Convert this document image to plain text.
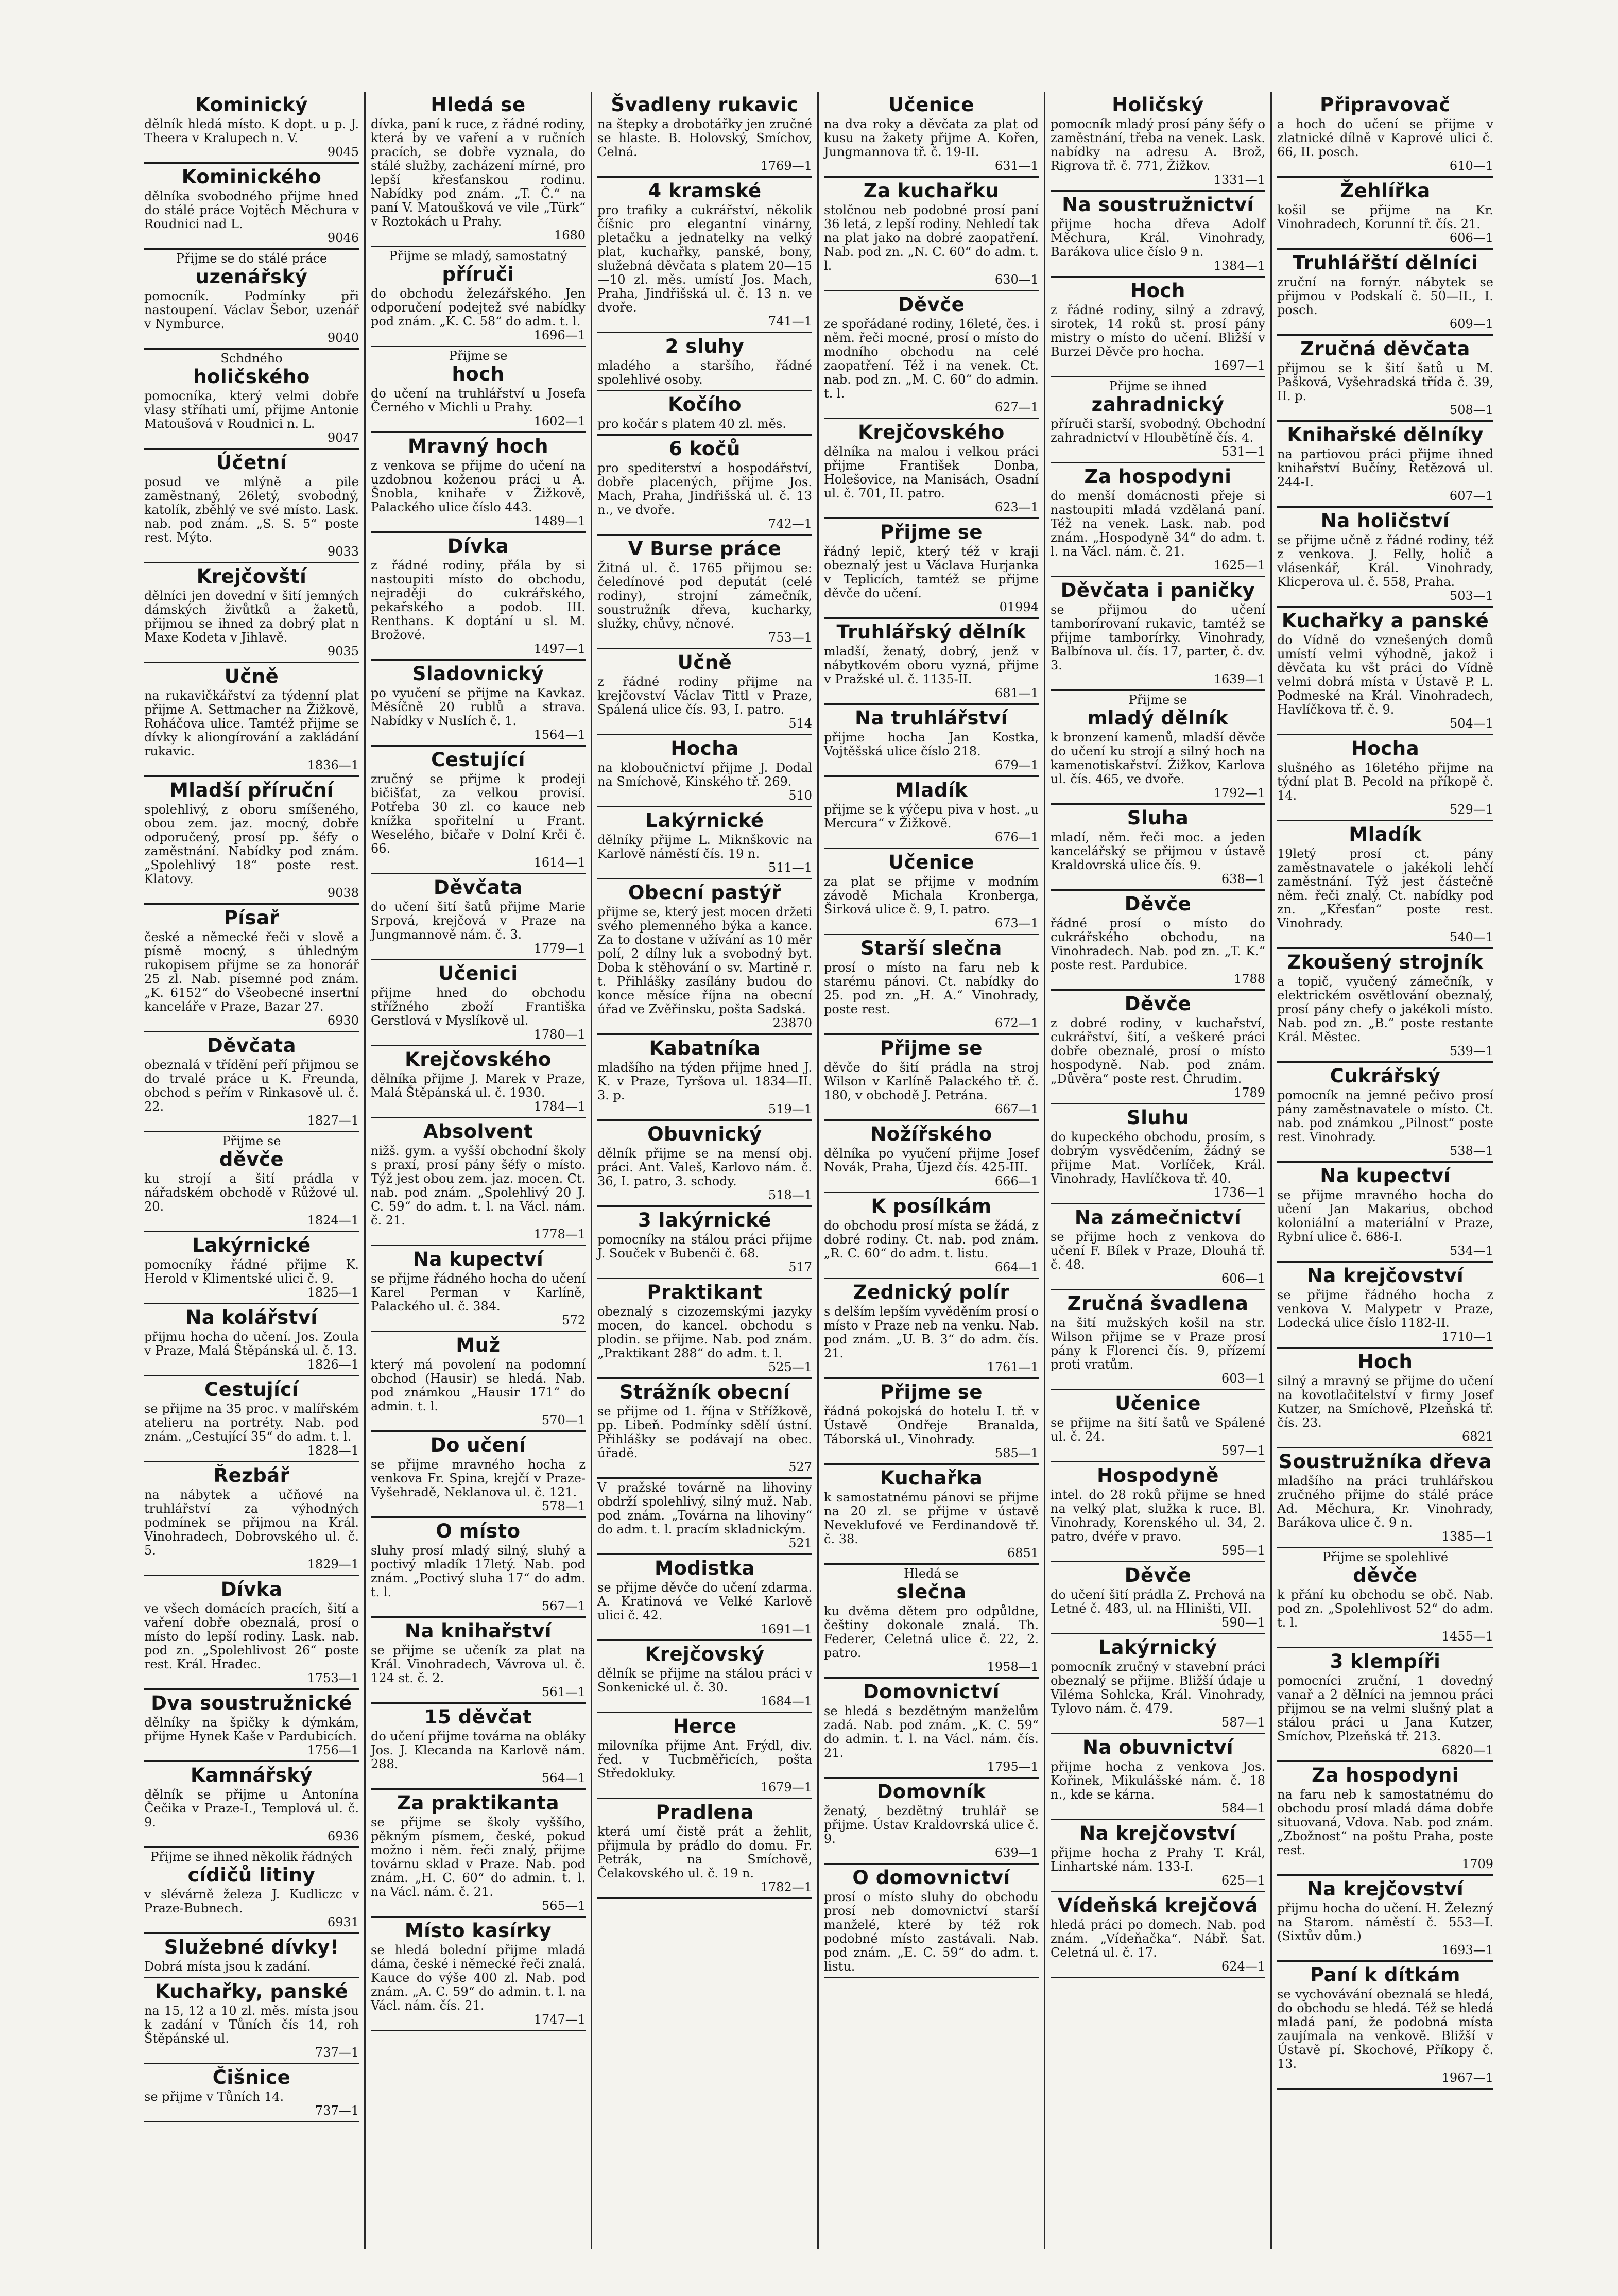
Kominický
dělník hledá místo. K dopt. u p. J. Theera v Kralupech n. V.
9045
Kominického
dělníka svobodného přijme hned do stálé práce Vojtěch Měchura v Roudnici nad L.
9046
Přijme se do stálé práce
uzenářský
pomocník. Podmínky při nastoupení. Václav Šebor, uzenář v Nymburce.
9040
Schdného
holičského
pomocníka, který velmi dobře vlasy stříhati umí, přijme Antonie Matoušová v Roudnici n. L.
9047
Účetní
posud ve mlýně a pile zaměstnaný, 26letý, svobodný, katolík, zběhlý ve své místo. Lask. nab. pod znám. „S. S. 5“ poste rest. Mýto.
9033
Krejčovští
dělníci jen dovední v šití jemných dámských živůtků a žaketů, přijmou se ihned za dobrý plat n Maxe Kodeta v Jihlavě.
9035
Učně
na rukavičkářství za týdenní plat přijme A. Settmacher na Žižkově, Roháčova ulice. Tamtéž přijme se dívky k aliongírování a zakládání rukavic.
1836—1
Mladší příruční
spolehlivý, z oboru smíšeného, obou zem. jaz. mocný, dobře odporučený, prosí pp. šéfy o zaměstnání. Nabídky pod znám. „Spolehlivý 18“ poste rest. Klatovy.
9038
Písař
české a německé řeči v slově a písmě mocný, s úhledným rukopisem přijme se za honorář 25 zl. Nab. písemné pod znám. „K. 6152“ do Všeobecné insertní kanceláře v Praze, Bazar 27.
6930
Děvčata
obeznalá v třídění peří přijmou se do trvalé práce u K. Freunda, obchod s peřím v Rinkasově ul. č. 22.
1827—1
Přijme se
děvče
ku strojí a šití prádla v nářadském obchodě v Růžové ul. 20.
1824—1
Lakýrnické
pomocníky řádné přijme K. Herold v Klimentské ulici č. 9.
1825—1
Na kolářství
přijmu hocha do učení. Jos. Zoula v Praze, Malá Štěpánská ul. č. 13.
1826—1
Cestující
se přijme na 35 proc. v malířském atelieru na portréty. Nab. pod znám. „Cestující 35“ do adm. t. l.
1828—1
Řezbář
na nábytek a učňové na truhlářství za výhodných podmínek se přijmou na Král. Vinohradech, Dobrovského ul. č. 5.
1829—1
Dívka
ve všech domácích pracích, šití a vaření dobře obeznalá, prosí o místo do lepší rodiny. Lask. nab. pod zn. „Spolehlivost 26“ poste rest. Král. Hradec.
1753—1
Dva soustružnické
dělníky na špičky k dýmkám, přijme Hynek Kaše v Pardubicích.
1756—1
Kamnářský
dělník se přijme u Antonína Čečika v Praze-I., Templová ul. č. 9.
6936
Přijme se ihned několik řádných
cídičů litiny
v slévárně železa J. Kudliczc v Praze-Bubnech.
6931
Služebné dívky!
Dobrá místa jsou k zadání.
Kuchařky, panské
na 15, 12 a 10 zl. měs. místa jsou k zadání v Tůních čís 14, roh Štěpánské ul.
737—1
Čišnice
se přijme v Tůních 14.
737—1
Hledá se
dívka, paní k ruce, z řádné rodiny, která by ve vaření a v ručních pracích, se dobře vyznala, do stálé služby, zacházení mírné, pro lepší křesťanskou rodinu. Nabídky pod znám. „T. Č.“ na paní V. Matoušková ve vile „Türk“ v Roztokách u Prahy.
1680
Přijme se mladý, samostatný
příruči
do obchodu železářského. Jen odporučení podejtež své nabídky pod znám. „K. C. 58“ do adm. t. l.
1696—1
Přijme se
hoch
do učení na truhlářství u Josefa Černého v Michli u Prahy.
1602—1
Mravný hoch
z venkova se přijme do učení na uzdobnou koženou práci u A. Šnobla, knihaře v Žižkově, Palackého ulice číslo 443.
1489—1
Dívka
z řádné rodiny, přála by si nastoupiti místo do obchodu, nejraději do cukrářského, pekařského a podob. III. Renthans. K doptání u sl. M. Brožové.
1497—1
Sladovnický
po vyučení se přijme na Kavkaz. Měsíčně 20 rublů a strava. Nabídky v Nuslích č. 1.
1564—1
Cestující
zručný se přijme k prodeji bičišťat, za velkou provisí. Potřeba 30 zl. co kauce neb knížka spořitelní u Frant. Weselého, bičaře v Dolní Krči č. 66.
1614—1
Děvčata
do učení šití šatů přijme Marie Srpová, krejčová v Praze na Jungmannově nám. č. 3.
1779—1
Učenici
přijme hned do obchodu střížného zboží Františka Gerstlová v Myslíkově ul.
1780—1
Krejčovského
dělníka přijme J. Marek v Praze, Malá Štěpánská ul. č. 1930.
1784—1
Absolvent
nižš. gym. a vyšší obchodní školy s praxí, prosí pány šéfy o místo. Týž jest obou zem. jaz. mocen. Ct. nab. pod znám. „Spolehlivý 20 J. C. 59“ do adm. t. l. na Václ. nám. č. 21.
1778—1
Na kupectví
se přijme řádného hocha do učení Karel Perman v Karlíně, Palackého ul. č. 384.
572
Muž
který má povolení na podomní obchod (Hausir) se hledá. Nab. pod známkou „Hausir 171“ do admin. t. l.
570—1
Do učení
se přijme mravného hocha z venkova Fr. Spina, krejčí v Praze-Vyšehradě, Neklanova ul. č. 121.
578—1
O místo
sluhy prosí mladý silný, sluhý a poctivý mladík 17letý. Nab. pod znám. „Poctivý sluha 17“ do adm. t. l.
567—1
Na knihařství
se přijme se učeník za plat na Král. Vinohradech, Vávrova ul. č. 124 st. č. 2.
561—1
15 děvčat
do učení přijme továrna na obláky Jos. J. Klecanda na Karlově nám. 288.
564—1
Za praktikanta
se přijme se školy vyššího, pěkným písmem, české, pokud možno i něm. řeči znalý, přijme továrnu sklad v Praze. Nab. pod znám. „H. C. 60“ do admin. t. l. na Václ. nám. č. 21.
565—1
Místo kasírky
se hledá bolední přijme mladá dáma, české i německé řeči znalá. Kauce do výše 400 zl. Nab. pod znám. „A. C. 59“ do admin. t. l. na Václ. nám. čís. 21.
1747—1
Švadleny rukavic
na štepky a drobotářky jen zručné se hlaste. B. Holovský, Smíchov, Celná.
1769—1
4 kramské
pro trafiky a cukrářství, několik číšnic pro elegantní vinárny, pletačku a jednatelky na velký plat, kuchařky, panské, bony, služebná děvčata s platem 20—15—10 zl. měs. umístí Jos. Mach, Praha, Jindřišská ul. č. 13 n. ve dvoře.
741—1
2 sluhy
mladého a staršího, řádné spolehlivé osoby.
Kočího
pro kočár s platem 40 zl. měs.
6 kočů
pro spediterství a hospodářství, dobře placených, přijme Jos. Mach, Praha, Jindřišská ul. č. 13 n., ve dvoře.
742—1
V Burse práce
Žitná ul. č. 1765 přijmou se: čeledínové pod deputát (celé rodiny), strojní zámečník, soustružník dřeva, kucharky, služky, chůvy, nčnové.
753—1
Učně
z řádné rodiny přijme na krejčovství Václav Tittl v Praze, Spálená ulice čís. 93, I. patro.
514
Hocha
na kloboučnictví přijme J. Dodal na Smíchově, Kinského tř. 269.
510
Lakýrnické
dělníky přijme L. Miknškovic na Karlově náměstí čís. 19 n.
511—1
Obecní pastýř
přijme se, který jest mocen držeti svého plemenného býka a kance. Za to dostane v užívání as 10 měr polí, 2 dílny luk a svobodný byt. Doba k stěhování o sv. Martině r. t. Přihlášky zasílány budou do konce měsíce října na obecní úřad ve Zvěřinsku, pošta Sadská.
23870
Kabatníka
mladšího na týden přijme hned J. K. v Praze, Tyršova ul. 1834—II. 3. p.
519—1
Obuvnický
dělník přijme se na mensí obj. práci. Ant. Valeš, Karlovo nám. č. 36, I. patro, 3. schody.
518—1
3 lakýrnické
pomocníky na stálou práci přijme J. Souček v Bubenči č. 68.
517
Praktikant
obeznalý s cizozemskými jazyky mocen, do kancel. obchodu s plodin. se přijme. Nab. pod znám. „Praktikant 288“ do adm. t. l.
525—1
Strážník obecní
se přijme od 1. října v Střížkově, pp. Libeň. Podmínky sdělí ústní. Přihlášky se podávají na obec. úřadě.
527
V pražské továrně na lihoviny obdrží spolehlivý, silný muž. Nab. pod znám. „Továrna na lihoviny“ do adm. t. l. pracím skladnickým.
521
Modistka
se přijme děvče do učení zdarma. A. Kratinová ve Velké Karlově ulici č. 42.
1691—1
Krejčovský
dělník se přijme na stálou práci v Sonkenické ul. č. 30.
1684—1
Herce
milovníka přijme Ant. Frýdl, div. řed. v Tucbměřicích, pošta Středokluky.
1679—1
Pradlena
která umí čistě prát a žehlit, přijmula by prádlo do domu. Fr. Petrák, na Smíchově, Čelakovského ul. č. 19 n.
1782—1
Učenice
na dva roky a děvčata za plat od kusu na žakety přijme A. Kořen, Jungmannova tř. č. 19-II.
631—1
Za kuchařku
stolčnou neb podobné prosí paní 36 letá, z lepší rodiny. Nehledí tak na plat jako na dobré zaopatření. Nab. pod zn. „N. C. 60“ do adm. t. l.
630—1
Děvče
ze spořádané rodiny, 16leté, čes. i něm. řeči mocné, prosí o místo do modního obchodu na celé zaopatření. Též i na venek. Ct. nab. pod zn. „M. C. 60“ do admin. t. l.
627—1
Krejčovského
dělníka na malou i velkou práci přijme František Donba, Holešovice, na Manisách, Osadní ul. č. 701, II. patro.
623—1
Přijme se
řádný lepič, který též v kraji obeznalý jest u Václava Hurjanka v Teplicích, tamtéž se přijme děvče do učení.
01994
Truhlářský dělník
mladší, ženatý, dobrý, jenž v nábytkovém oboru vyzná, přijme v Pražské ul. č. 1135-II.
681—1
Na truhlářství
přijme hocha Jan Kostka, Vojtěšská ulice číslo 218.
679—1
Mladík
přijme se k výčepu piva v host. „u Mercura“ v Žižkově.
676—1
Učenice
za plat se přijme v modním závodě Michala Kronberga, Širková ulice č. 9, I. patro.
673—1
Starší slečna
prosí o místo na faru neb k starému pánovi. Ct. nabídky do 25. pod zn. „H. A.“ Vinohrady, poste rest.
672—1
Přijme se
děvče do šití prádla na stroj Wilson v Karlíně Palackého tř. č. 180, v obchodě J. Petrána.
667—1
Nožířského
dělníka po vyučení přijme Josef Novák, Praha, Újezd čís. 425-III.
666—1
K posílkám
do obchodu prosí místa se žádá, z dobré rodiny. Ct. nab. pod znám. „R. C. 60“ do adm. t. listu.
664—1
Zednický polír
s delším lepším vyvěděním prosí o místo v Praze neb na venku. Nab. pod znám. „U. B. 3“ do adm. čís. 21.
1761—1
Přijme se
řádná pokojská do hotelu I. tř. v Ústavě Ondřeje Branalda, Táborská ul., Vinohrady.
585—1
Kuchařka
k samostatnému pánovi se přijme na 20 zl. se přijme v ústavě Neveklufové ve Ferdinandově tř. č. 38.
6851
Hledá se
slečna
ku dvěma dětem pro odpůldne, češtiny dokonale znalá. Th. Federer, Celetná ulice č. 22, 2. patro.
1958—1
Domovnictví
se hledá s bezdětným manželům zadá. Nab. pod znám. „K. C. 59“ do admin. t. l. na Václ. nám. čís. 21.
1795—1
Domovník
ženatý, bezdětný truhlář se přijme. Ústav Kraldovrská ulice č. 9.
639—1
O domovnictví
prosí o místo sluhy do obchodu prosí neb domovnictví starší manželé, které by též rok podobné místo zastávali. Nab. pod znám. „E. C. 59“ do adm. t. listu.
Holičský
pomocník mladý prosí pány šéfy o zaměstnání, třeba na venek. Lask. nabídky na adresu A. Brož, Rigrova tř. č. 771, Žižkov.
1331—1
Na soustružnictví
přijme hocha dřeva Adolf Měchura, Král. Vinohrady, Barákova ulice číslo 9 n.
1384—1
Hoch
z řádné rodiny, silný a zdravý, sirotek, 14 roků st. prosí pány mistry o místo do učení. Bližší v Burzei Děvče pro hocha.
1697—1
Přijme se ihned
zahradnický
příruči starší, svobodný. Obchodní zahradnictví v Hloubětíně čís. 4.
531—1
Za hospodyni
do menší domácnosti přeje si nastoupiti mladá vzdělaná paní. Též na venek. Lask. nab. pod znám. „Hospodyně 34“ do adm. t. l. na Václ. nám. č. 21.
1625—1
Děvčata i paničky
se přijmou do učení tamborírovaní rukavic, tamtéž se přijme tamborírky. Vinohrady, Balbínova ul. čís. 17, parter, č. dv. 3.
1639—1
Přijme se
mladý dělník
k bronzení kamenů, mladší děvče do učení ku strojí a silný hoch na kamenotiskařství. Žižkov, Karlova ul. čís. 465, ve dvoře.
1792—1
Sluha
mladí, něm. řeči moc. a jeden kancelářský se přijmou v ústavě Kraldovrská ulice čís. 9.
638—1
Děvče
řádné prosí o místo do cukrářského obchodu, na Vinohradech. Nab. pod zn. „T. K.“ poste rest. Pardubice.
1788
Děvče
z dobré rodiny, v kuchařství, cukrářství, šití, a veškeré práci dobře obeznalé, prosí o místo hospodyně. Nab. pod znám. „Důvěra“ poste rest. Chrudim.
1789
Sluhu
do kupeckého obchodu, prosím, s dobrým vysvědčením, žádný se přijme Mat. Vorlíček, Král. Vinohrady, Havlíčkova tř. 40.
1736—1
Na zámečnictví
se přijme hoch z venkova do učení F. Bílek v Praze, Dlouhá tř. č. 48.
606—1
Zručná švadlena
na šití mužských košil na str. Wilson přijme se v Praze prosí pány k Florenci čís. 9, přízemí proti vratům.
603—1
Učenice
se přijme na šití šatů ve Spálené ul. č. 24.
597—1
Hospodyně
intel. do 28 roků přijme se hned na velký plat, služka k ruce. Bl. Vinohrady, Korenského ul. 34, 2. patro, dvéře v pravo.
595—1
Děvče
do učení šití prádla Z. Prchová na Letné č. 483, ul. na Hliništi, VII.
590—1
Lakýrnický
pomocník zručný v stavební práci obeznalý se přijme. Bližší údaje u Viléma Sohlcka, Král. Vinohrady, Tylovo nám. č. 479.
587—1
Na obuvnictví
přijme hocha z venkova Jos. Kořinek, Mikulášské nám. č. 18 n., kde se kárna.
584—1
Na krejčovství
přijme hocha z Prahy T. Král, Linhartské nám. 133-I.
625—1
Vídeňská krejčová
hledá práci po domech. Nab. pod znám. „Vídeňačka“. Nábř. Šat. Celetná ul. č. 17.
624—1
Připravovač
a hoch do učení se přijme v zlatnické dílně v Kaprové ulici č. 66, II. posch.
610—1
Žehlířka
košil se přijme na Kr. Vinohradech, Korunní tř. čís. 21.
606—1
Truhlářští dělníci
zruční na fornýr. nábytek se přijmou v Podskalí č. 50—II., I. posch.
609—1
Zručná děvčata
přijmou se k šití šatů u M. Pašková, Vyšehradská třída č. 39, II. p.
508—1
Knihařské dělníky
na partiovou práci přijme ihned knihařství Bučíny, Řetězová ul. 244-I.
607—1
Na holičství
se přijme učně z řádné rodiny, též z venkova. J. Felly, holič a vlásenkář, Král. Vinohrady, Klicperova ul. č. 558, Praha.
503—1
Kuchařky a panské
do Vídně do vznešených domů umístí velmi výhodně, jakož i děvčata ku všt práci do Vídně velmi dobrá místa v Ústavě P. L. Podmeské na Král. Vinohradech, Havlíčkova tř. č. 9.
504—1
Hocha
slušného as 16letého přijme na týdní plat B. Pecold na příkopě č. 14.
529—1
Mladík
19letý prosí ct. pány zaměstnavatele o jakékoli lehčí zaměstnání. Týž jest částečně něm. řeči znalý. Ct. nabídky pod zn. „Křesťan“ poste rest. Vinohrady.
540—1
Zkoušený strojník
a topič, vyučený zámečník, v elektrickém osvětlování obeznalý, prosí pány chefy o jakékoli místo. Nab. pod zn. „B.“ poste restante Král. Městec.
539—1
Cukrářský
pomocník na jemné pečivo prosí pány zaměstnavatele o místo. Ct. nab. pod známkou „Pilnost“ poste rest. Vinohrady.
538—1
Na kupectví
se přijme mravného hocha do učení Jan Makarius, obchod koloniální a materiální v Praze, Rybní ulice č. 686-I.
534—1
Na krejčovství
se přijme řádného hocha z venkova V. Malypetr v Praze, Lodecká ulice číslo 1182-II.
1710—1
Hoch
silný a mravný se přijme do učení na kovotlačitelství v firmy Josef Kutzer, na Smíchově, Plzeňská tř. čís. 23.
6821
Soustružníka dřeva
mladšího na práci truhlářskou zručného přijme do stálé práce Ad. Měchura, Kr. Vinohrady, Barákova ulice č. 9 n.
1385—1
Přijme se spolehlivé
děvče
k přání ku obchodu se obč. Nab. pod zn. „Spolehlivost 52“ do adm. t. l.
1455—1
3 klempíři
pomocníci zruční, 1 dovedný vanař a 2 dělníci na jemnou práci přijmou se na velmi slušný plat a stálou práci u Jana Kutzer, Smíchov, Plzeňská tř. 213.
6820—1
Za hospodyni
na faru neb k samostatnému do obchodu prosí mladá dáma dobře situovaná, Vdova. Nab. pod znám. „Zbožnost“ na poštu Praha, poste rest.
1709
Na krejčovství
přijmu hocha do učení. H. Železný na Starom. náměstí č. 553—I. (Sixtův dům.)
1693—1
Paní k dítkám
se vychovávání obeznalá se hledá, do obchodu se hledá. Též se hledá mladá paní, že podobná místa zaujímala na venkově. Bližší v Ústavě pí. Skochové, Příkopy č. 13.
1967—1
